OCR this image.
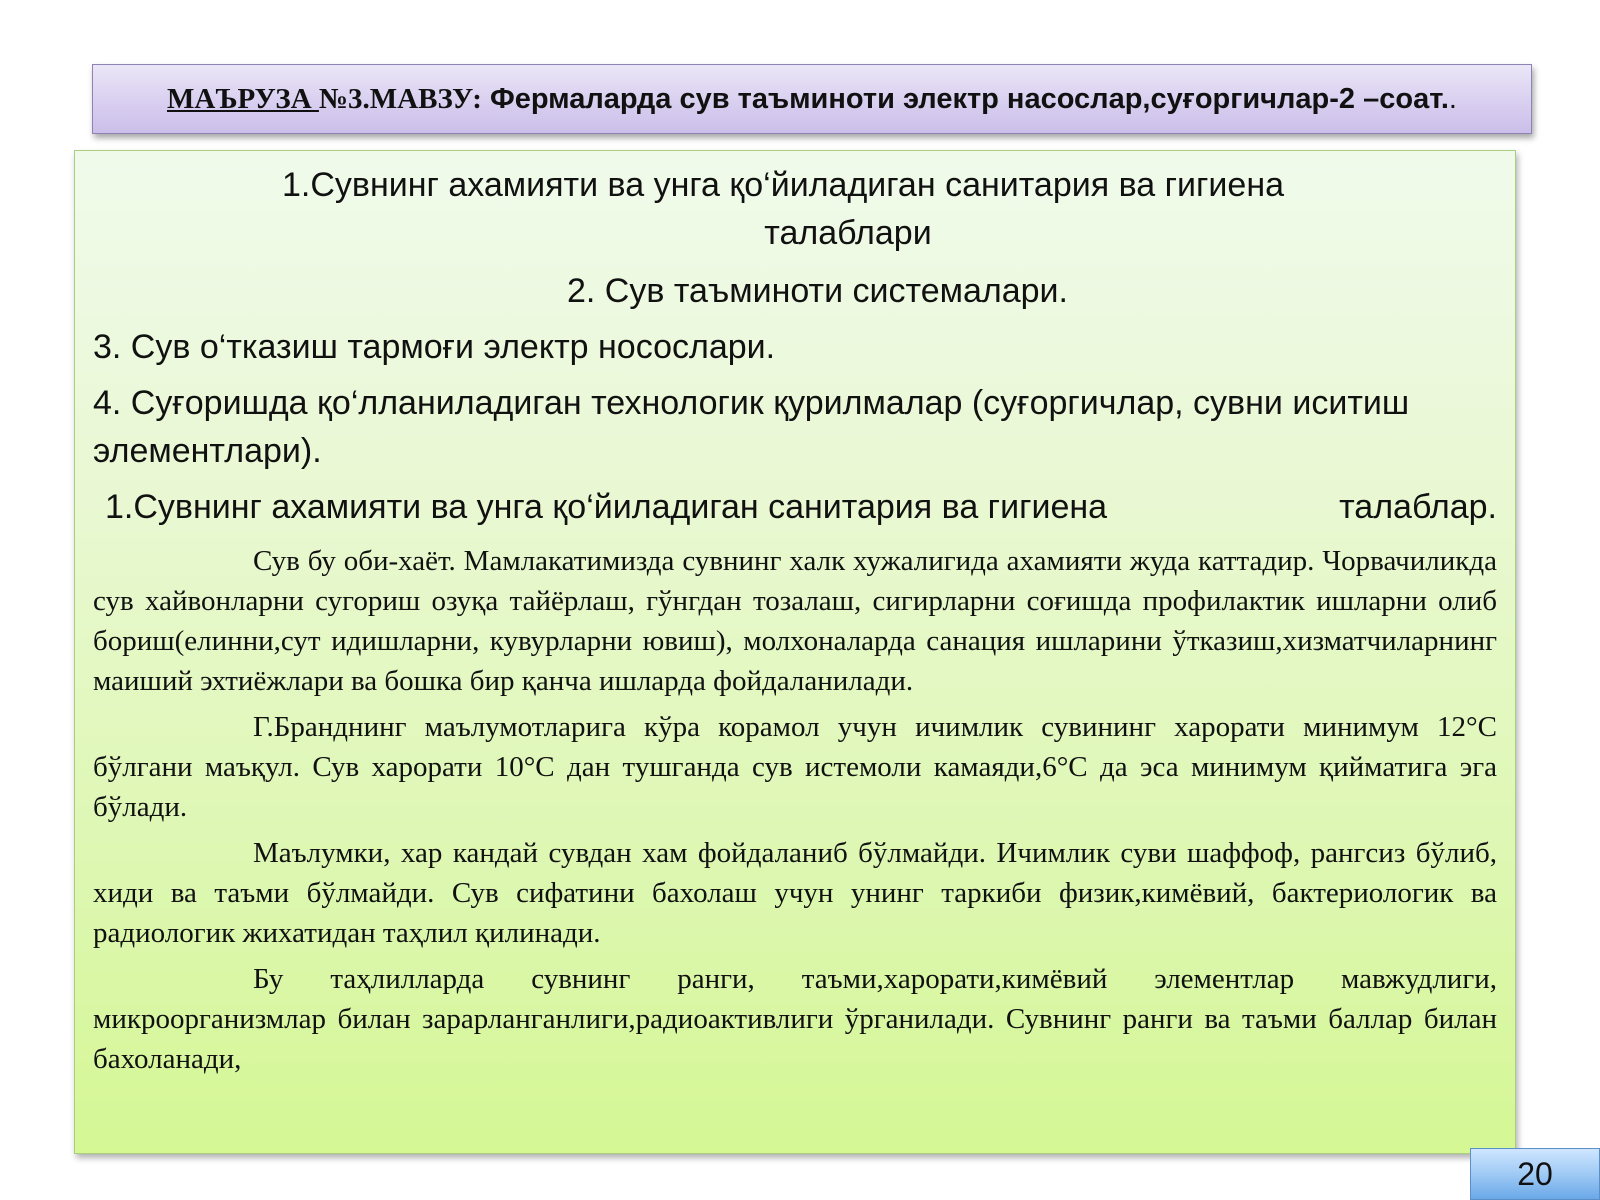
МАЪРУЗА №3.МАВЗУ: Фермаларда сув таъминоти электр насослар,суғоргичлар-2 –соат..
1.Сувнинг ахамияти ва унга қо‘йиладиган санитария ва гигиена
талаблари
2. Сув таъминоти системалари.
3. Сув о‘тказиш тармоғи электр носослари.
4. Суғоришда қо‘лланиладиган технологик қурилмалар (суғоргичлар, сувни иситиш элементлари).
1.Сувнинг ахамияти ва унга қо‘йиладиган санитария ва гигиена	талаблар.

Сув бу оби-хаёт. Мамлакатимизда сувнинг халк хужалигида ахамияти жуда каттадир. Чорвачиликда сув хайвонларни сугориш озуқа тайёрлаш, гўнгдан тозалаш, сигирларни соғишда профилактик ишларни олиб бориш(елинни,сут идишларни, кувурларни ювиш), молхоналарда санация ишларини ўтказиш,хизматчиларнинг маиший эхтиёжлари ва бошка бир қанча ишларда фойдаланилади.

Г.Бранднинг маълумотларига кўра корамол учун ичимлик сувининг харорати минимум 12°С бўлгани маъқул. Сув харорати 10°С дан тушганда сув истемоли камаяди,6°С да эса минимум қийматига эга бўлади.

Маълумки, хар кандай сувдан хам фойдаланиб бўлмайди. Ичимлик суви шаффоф, рангсиз бўлиб, хиди ва таъми бўлмайди. Сув сифатини бахолаш учун унинг таркиби физик,кимёвий, бактериологик ва радиологик жихатидан таҳлил қилинади.

Бу таҳлилларда сувнинг ранги, таъми,харорати,кимёвий элементлар мавжудлиги, микроорганизмлар билан зарарланганлиги,радиоактивлиги ўрганилади. Сувнинг ранги ва таъми баллар билан бахоланади,

20
